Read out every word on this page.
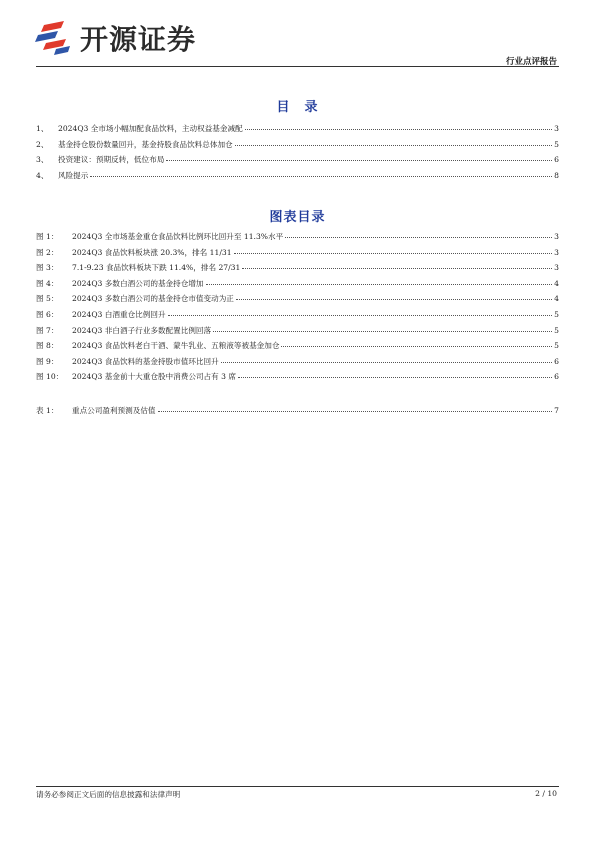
开源证券
行业点评报告
目　录
1、	2024Q3 全市场小幅加配食品饮料，主动权益基金减配	3
2、	基金持仓股份数量回升，基金持股食品饮料总体加仓	5
3、	投资建议：预期反转，低位布局	6
4、	风险提示	8
图表目录
图 1：	2024Q3 全市场基金重仓食品饮料比例环比回升至 11.3%水平	3
图 2：	2024Q3 食品饮料板块涨 20.3%，排名 11/31	3
图 3：	7.1-9.23 食品饮料板块下跌 11.4%，排名 27/31	3
图 4：	2024Q3 多数白酒公司的基金持仓增加	4
图 5：	2024Q3 多数白酒公司的基金持仓市值变动为正	4
图 6：	2024Q3 白酒重仓比例回升	5
图 7：	2024Q3 非白酒子行业多数配置比例回落	5
图 8：	2024Q3 食品饮料老白干酒、蒙牛乳业、五粮液等被基金加仓	5
图 9：	2024Q3 食品饮料的基金持股市值环比回升	6
图 10：	2024Q3 基金前十大重仓股中消费公司占有 3 席	6
表 1：	重点公司盈利预测及估值	7
请务必参阅正文后面的信息披露和法律声明	2 / 10
